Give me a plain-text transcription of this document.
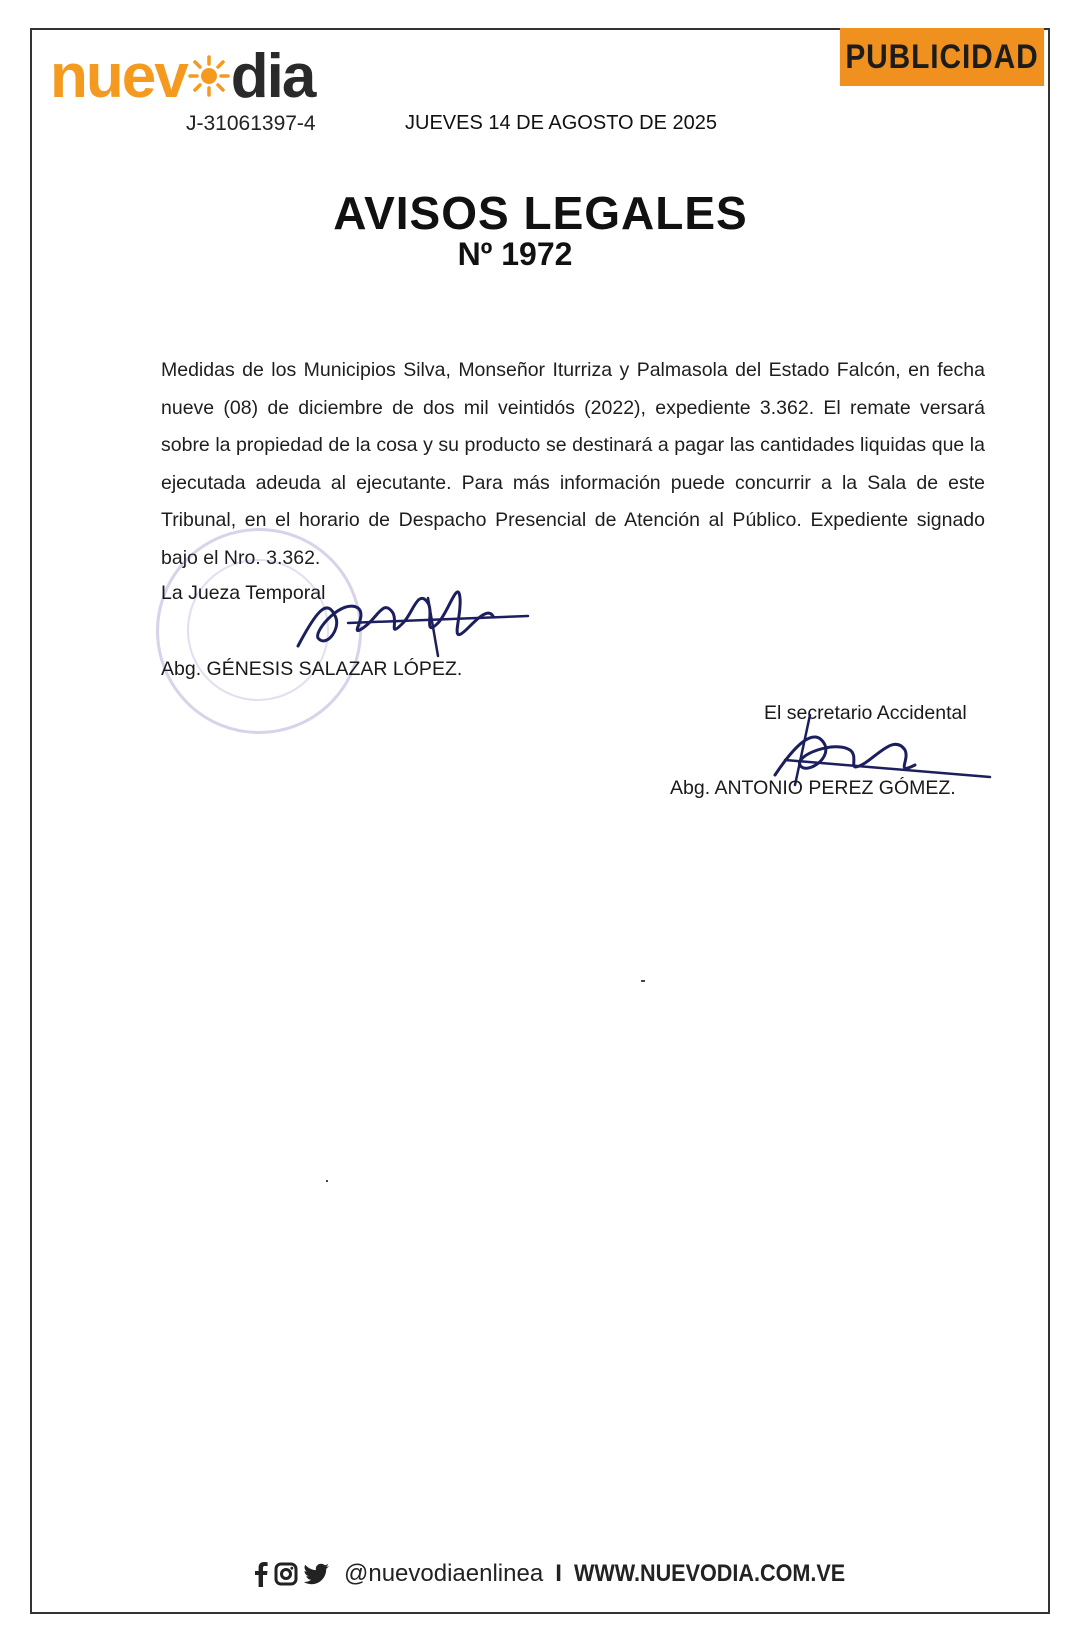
PUBLICIDAD
nuev dia
J-31061397-4	JUEVES 14 DE AGOSTO DE 2025
AVISOS LEGALES
Nº 1972
Medidas de los Municipios Silva, Monseñor Iturriza y Palmasola del Estado Falcón, en fecha nueve (08) de diciembre de dos mil veintidós (2022), expediente 3.362. El remate versará sobre la propiedad de la cosa y su producto se destinará a pagar las cantidades liquidas que la ejecutada adeuda al ejecutante. Para más información puede concurrir a la Sala de este Tribunal, en el horario de Despacho Presencial de Atención al Público. Expediente signado bajo el Nro. 3.362.
La Jueza Temporal
Abg. GÉNESIS SALAZAR LÓPEZ.
El secretario Accidental
Abg. ANTONIO PEREZ GÓMEZ.
@nuevodiaenlinea I WWW.NUEVODIA.COM.VE
